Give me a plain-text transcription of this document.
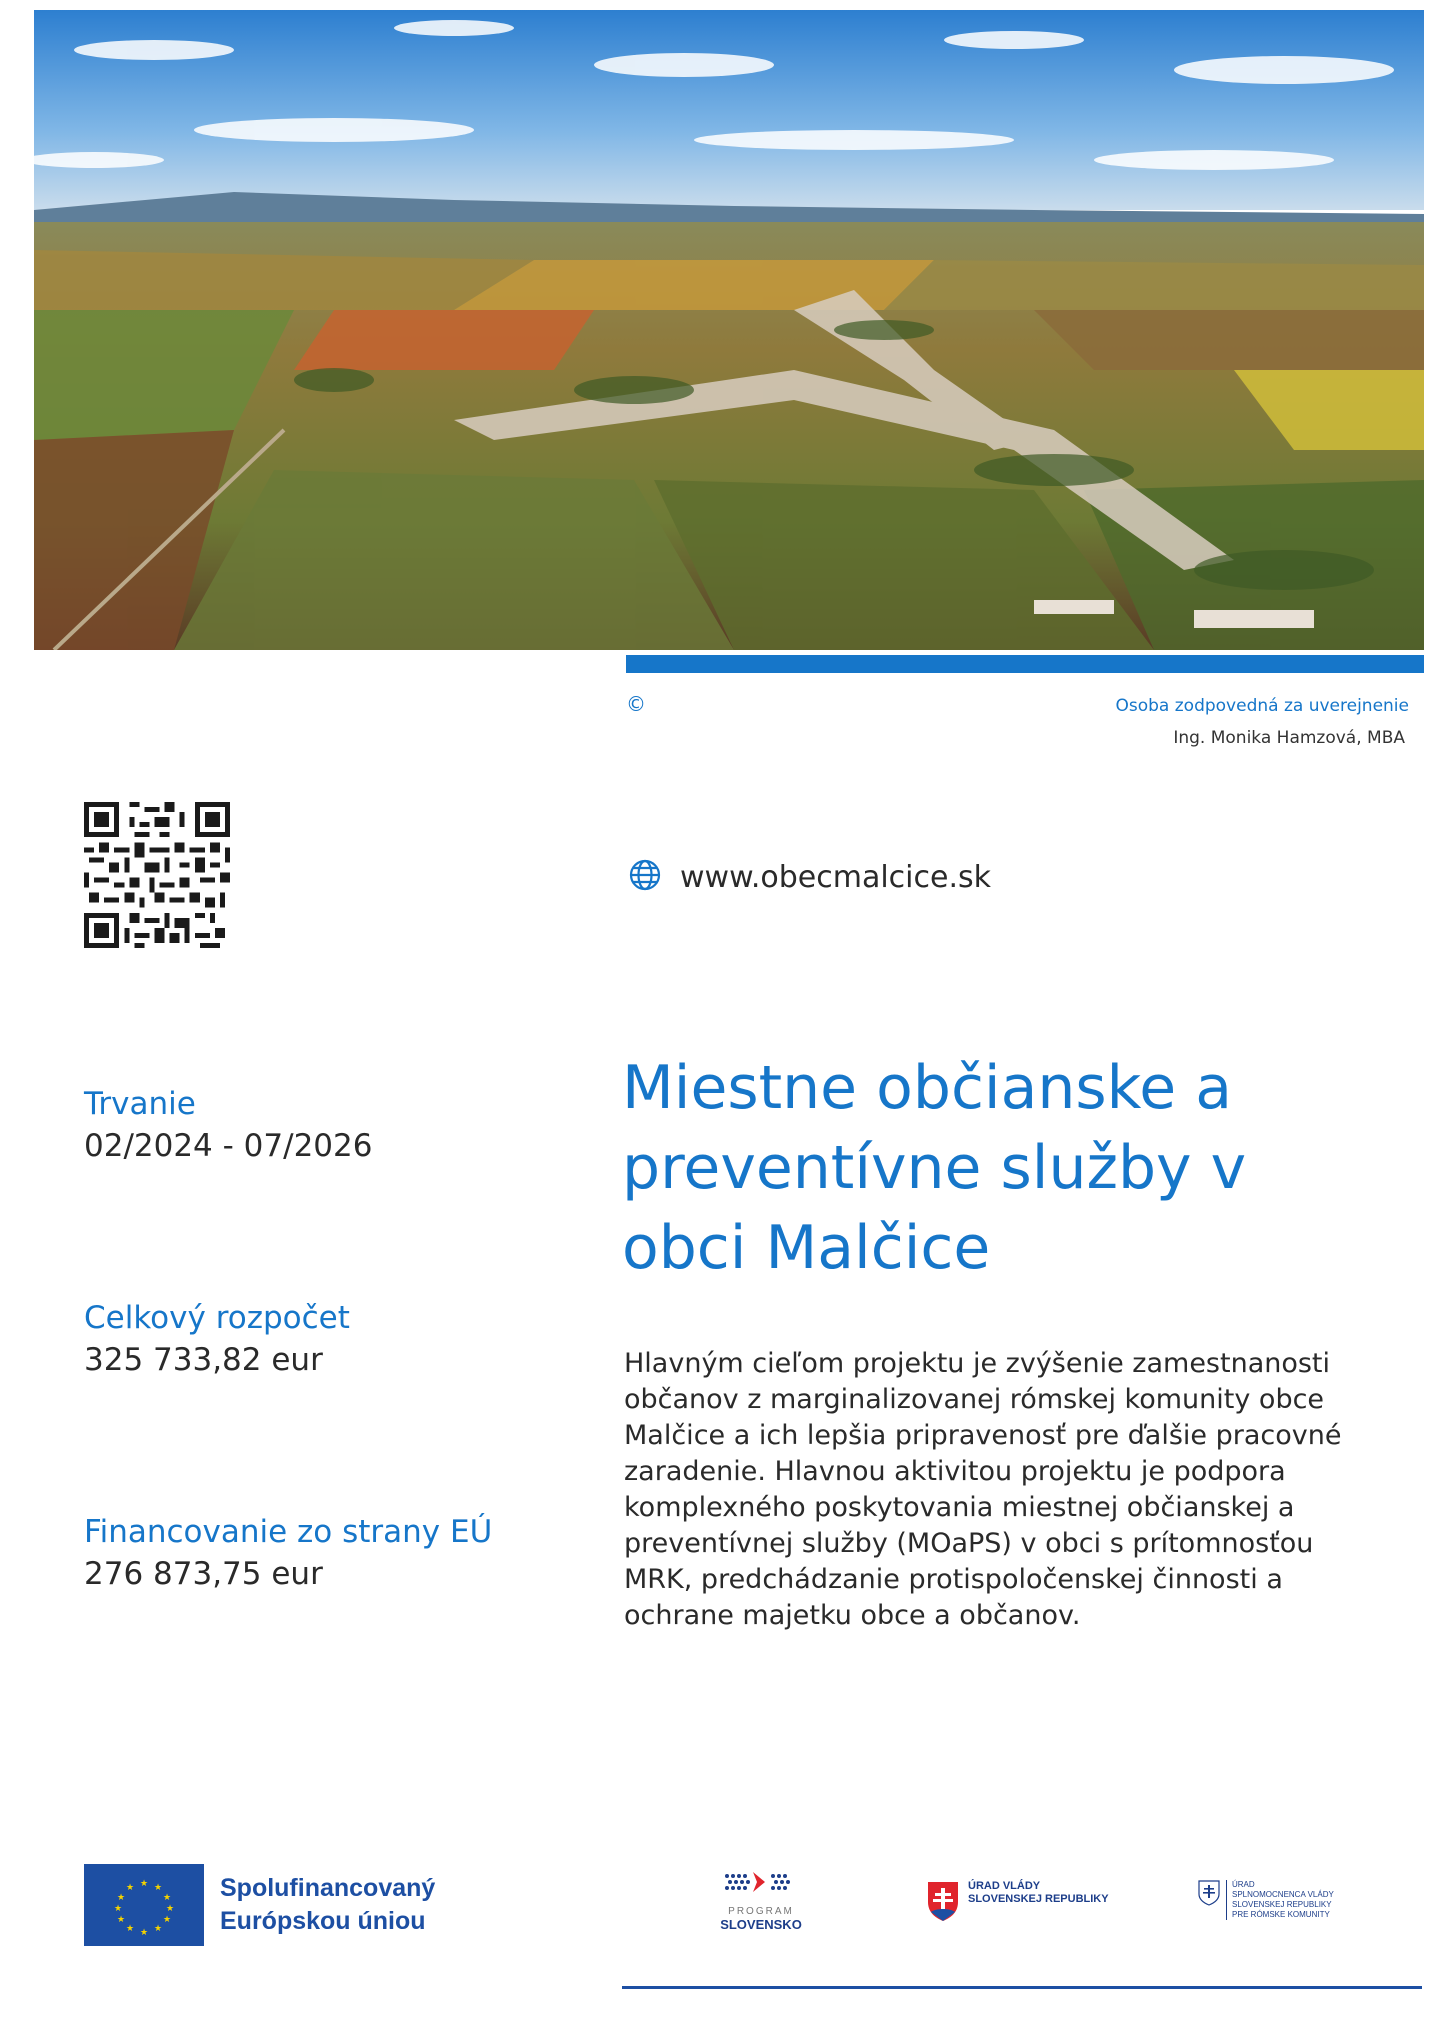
©	Osoba zodpovedná za uverejnenie
Ing. Monika Hamzová, MBA
www.obecmalcice.sk
Miestne občianske a preventívne služby v obci Malčice
Trvanie
02/2024 - 07/2026
Celkový rozpočet
325 733,82 eur
Financovanie zo strany EÚ
276 873,75 eur

Hlavným cieľom projektu je zvýšenie zamestnanosti občanov z marginalizovanej rómskej komunity obce Malčice a ich lepšia pripravenosť pre ďalšie pracovné zaradenie. Hlavnou aktivitou projektu je podpora komplexného poskytovania miestnej občianskej a preventívnej služby (MOaPS) v obci s prítomnosťou MRK, predchádzanie protispoločenskej činnosti a ochrane majetku obce a občanov.

★ ★
★
★
★
★
★
★
★
★
★
★	Spolufinancovaný
Európskou úniou	PROGRAM
SLOVENSKO
ÚRAD VLÁDY
SLOVENSKEJ REPUBLIKY
ÚRAD
SPLNOMOCNENCA VLÁDY
SLOVENSKEJ REPUBLIKY
PRE RÓMSKE KOMUNITY
